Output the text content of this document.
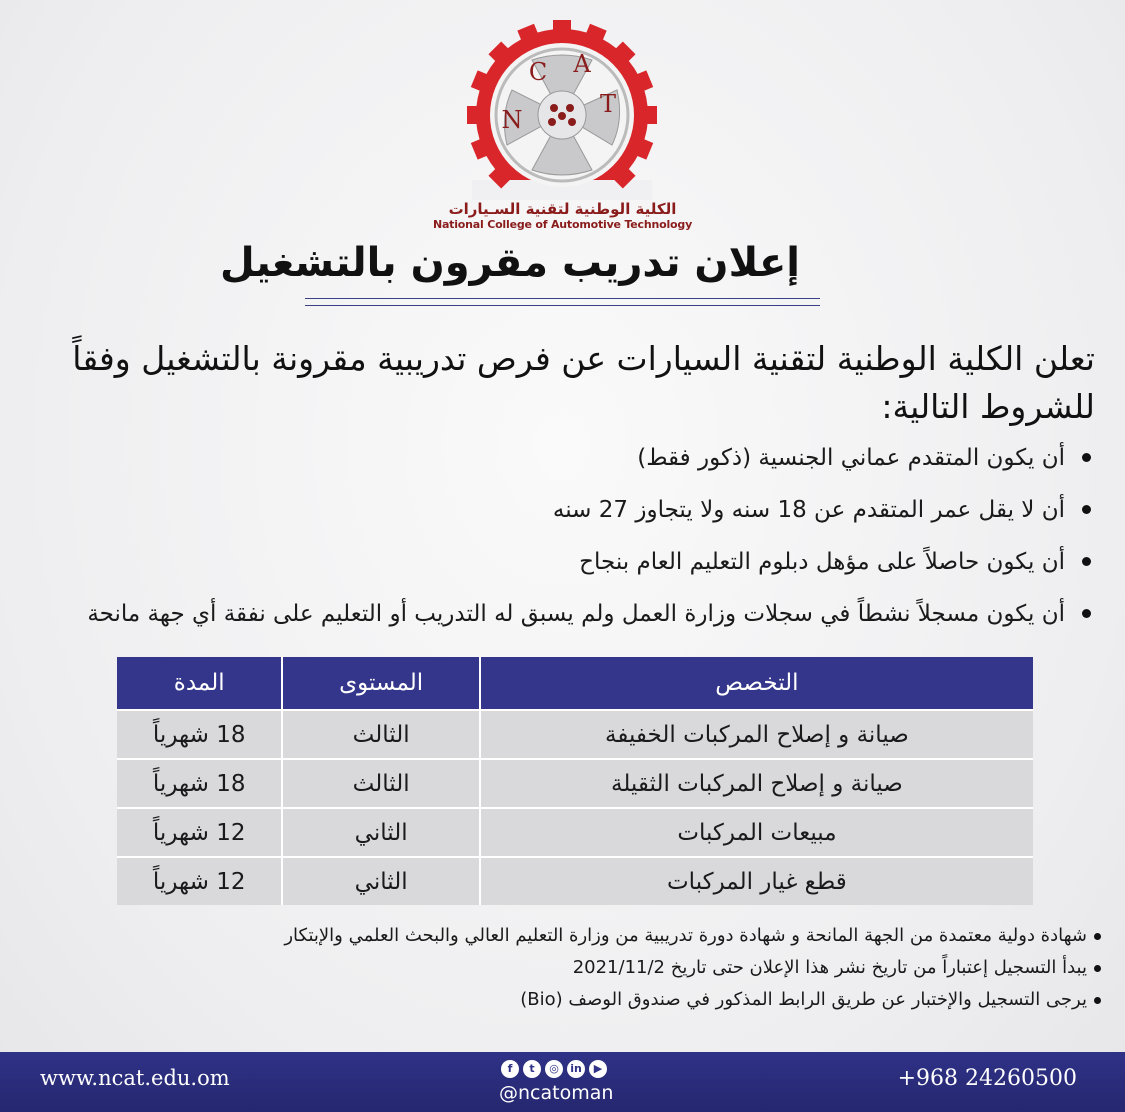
N
C A
T
الكلية الوطنية لتقنية السـيارات
National College of Automotive Technology
إعلان تدريب مقرون بالتشغيل
تعلن الكلية الوطنية لتقنية السيارات عن فرص تدريبية مقرونة بالتشغيل وفقاً للشروط التالية:
أن يكون المتقدم عماني الجنسية (ذكور فقط)
أن لا يقل عمر المتقدم عن 18 سنه ولا يتجاوز 27 سنه
أن يكون حاصلاً على مؤهل دبلوم التعليم العام بنجاح
أن يكون مسجلاً نشطاً في سجلات وزارة العمل ولم يسبق له التدريب أو التعليم على نفقة أي جهة مانحة
التخصص	المستوى	المدة
صيانة و إصلاح المركبات الخفيفة	الثالث	18 شهرياً
صيانة و إصلاح المركبات الثقيلة	الثالث	18 شهرياً
مبيعات المركبات	الثاني	12 شهرياً
قطع غيار المركبات	الثاني	12 شهرياً
شهادة دولية معتمدة من الجهة المانحة و شهادة دورة تدريبية من وزارة التعليم العالي والبحث العلمي والإبتكار
يبدأ التسجيل إعتباراً من تاريخ نشر هذا الإعلان حتى تاريخ 2021/11/2
يرجى التسجيل والإختبار عن طريق الرابط المذكور في صندوق الوصف (Bio)
www.ncat.edu.om	f	t	◎	in	▶
@ncatoman
+968 24260500
